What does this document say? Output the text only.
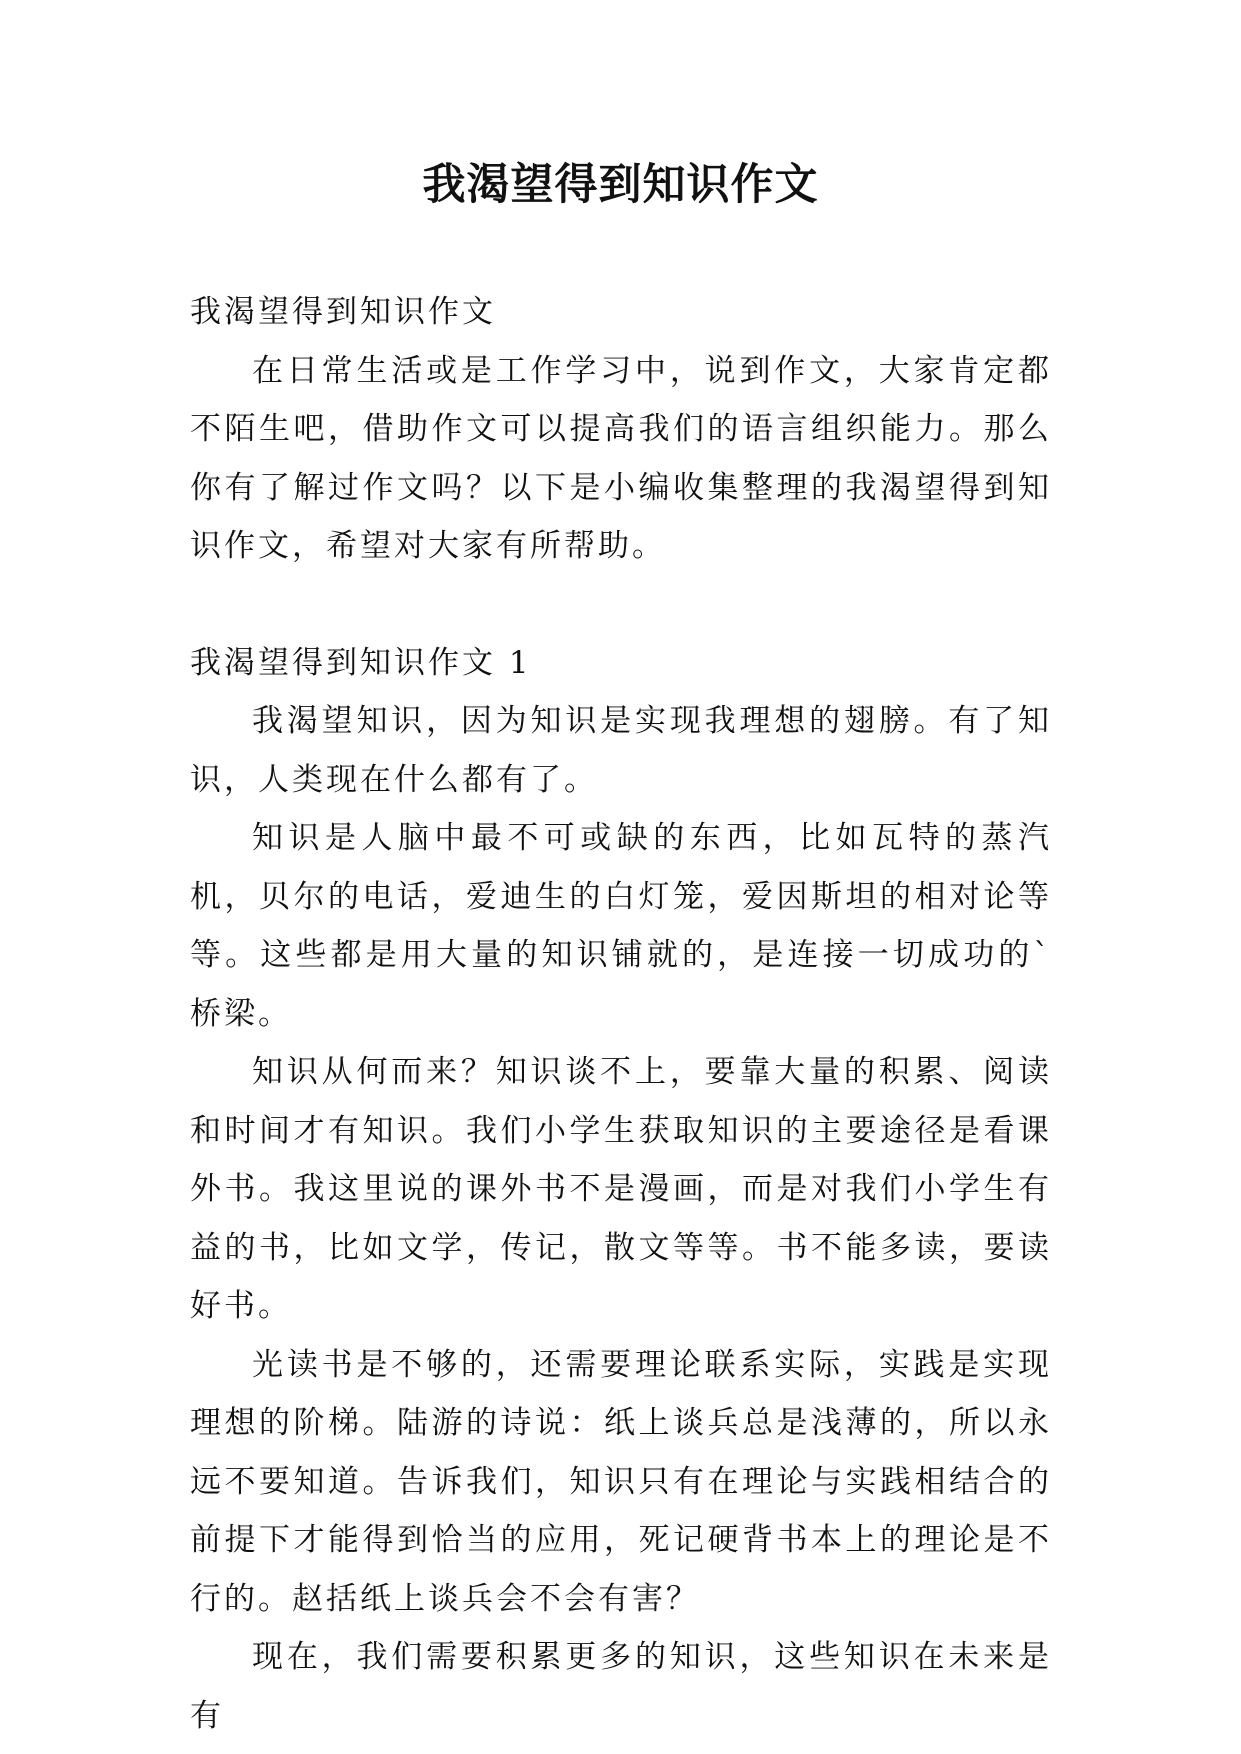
我渴望得到知识作文

我渴望得到知识作文

在日常生活或是工作学习中，说到作文，大家肯定都不陌生吧，借助作文可以提高我们的语言组织能力。那么你有了解过作文吗？以下是小编收集整理的我渴望得到知识作文，希望对大家有所帮助。

我渴望得到知识作文 1

我渴望知识，因为知识是实现我理想的翅膀。有了知识，人类现在什么都有了。

知识是人脑中最不可或缺的东西，比如瓦特的蒸汽机，贝尔的电话，爱迪生的白灯笼，爱因斯坦的相对论等等。这些都是用大量的知识铺就的，是连接一切成功的`桥梁。

知识从何而来？知识谈不上，要靠大量的积累、阅读和时间才有知识。我们小学生获取知识的主要途径是看课外书。我这里说的课外书不是漫画，而是对我们小学生有益的书，比如文学，传记，散文等等。书不能多读，要读好书。

光读书是不够的，还需要理论联系实际，实践是实现理想的阶梯。陆游的诗说：纸上谈兵总是浅薄的，所以永远不要知道。告诉我们，知识只有在理论与实践相结合的前提下才能得到恰当的应用，死记硬背书本上的理论是不行的。赵括纸上谈兵会不会有害？

现在，我们需要积累更多的知识，这些知识在未来是有
